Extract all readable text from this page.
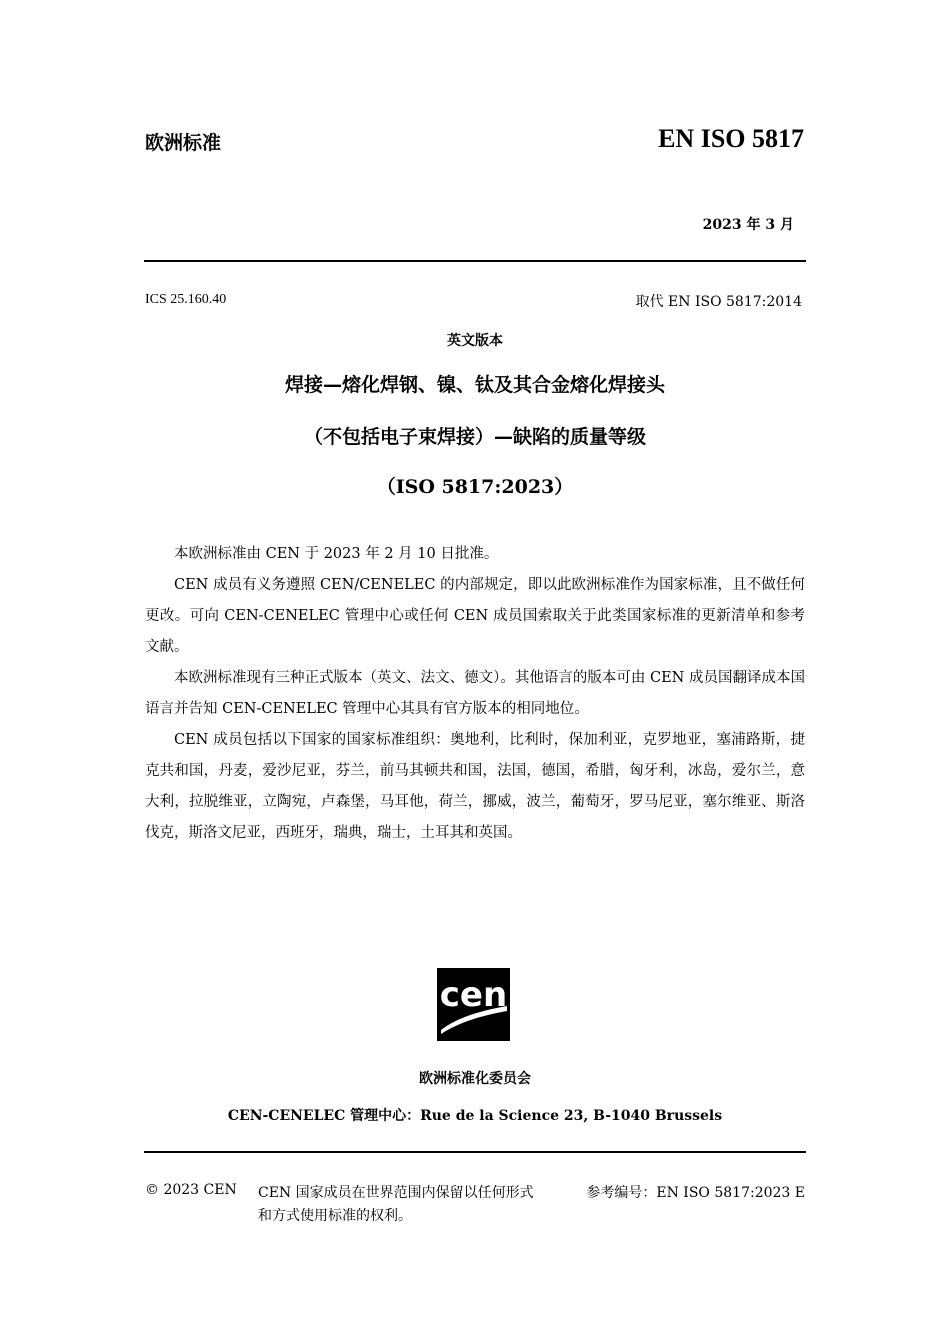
欧洲标准	EN ISO 5817
2023 年 3 月
ICS 25.160.40	取代 EN ISO 5817:2014
英文版本
焊接—熔化焊钢、镍、钛及其合金熔化焊接头
（不包括电子束焊接）—缺陷的质量等级
（ISO 5817:2023）

本欧洲标准由 CEN 于 2023 年 2 月 10 日批准。

CEN 成员有义务遵照 CEN/CENELEC 的内部规定，即以此欧洲标准作为国家标准，且不做任何更改。可向 CEN-CENELEC 管理中心或任何 CEN 成员国索取关于此类国家标准的更新清单和参考文献。

本欧洲标准现有三种正式版本（英文、法文、德文）。其他语言的版本可由 CEN 成员国翻译成本国语言并告知 CEN-CENELEC 管理中心其具有官方版本的相同地位。

CEN 成员包括以下国家的国家标准组织：奥地利，比利时，保加利亚，克罗地亚，塞浦路斯，捷克共和国，丹麦，爱沙尼亚，芬兰，前马其顿共和国，法国，德国，希腊，匈牙利，冰岛，爱尔兰，意大利，拉脱维亚，立陶宛，卢森堡，马耳他，荷兰，挪威，波兰，葡萄牙，罗马尼亚，塞尔维亚、斯洛伐克，斯洛文尼亚，西班牙，瑞典，瑞士，土耳其和英国。

cen
欧洲标准化委员会
CEN-CENELEC 管理中心：Rue de la Science 23, B-1040 Brussels
© 2023 CEN CEN 国家成员在世界范围内保留以任何形式和方式使用标准的权利。
参考编号：EN ISO 5817:2023 E
